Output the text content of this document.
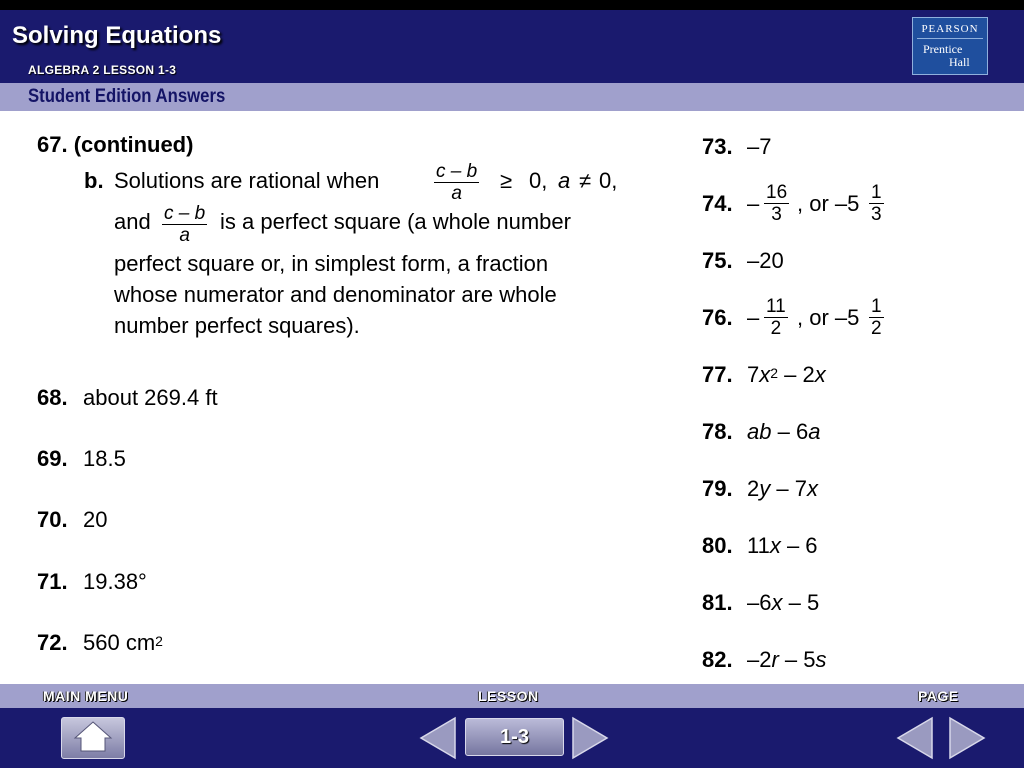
Solving Equations
ALGEBRA 2 LESSON 1-3
PEARSON
Prentice
Hall
Student Edition Answers
67. (continued)
b. Solutions are rational when	$\frac{c - b}{a} \ge 0$, a ≠ 0,
and $\frac{c - b}{a}$ is a perfect square (a whole number
perfect square or, in simplest form, a fraction
whose numerator and denominator are whole
number perfect squares).
68. about 269.4 ft
69. 18.5
70. 20
71. 19.38°
72. 560 $cm^2$
73. –7
74. – $\frac{16}{3}$ , or $-5 \frac{1}{3}$
75. –20
76. – $\frac{11}{2}$ , or $-5 \frac{1}{2}$
77. $7x^2 - 2x$
78. ab – 6a
79. 2y – 7x
80. 11x – 6
81. –6x – 5
82. –2r – 5s
MAIN MENU	LESSON	PAGE
1-3
